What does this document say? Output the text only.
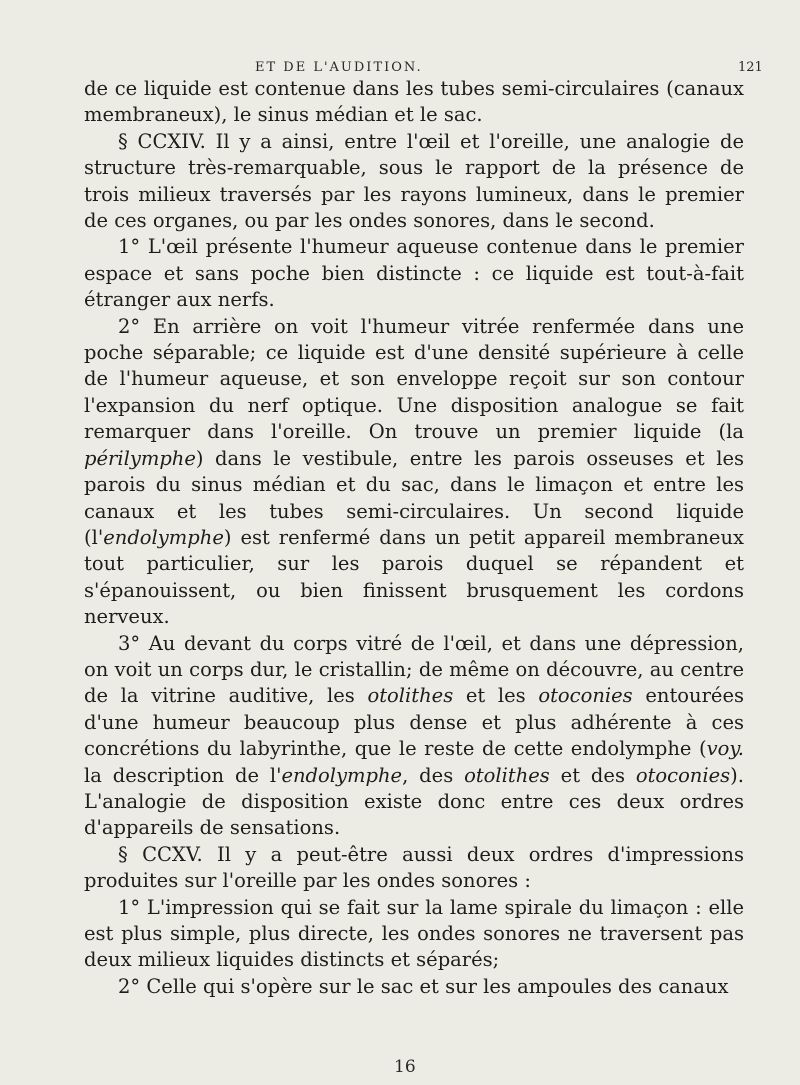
ET DE L'AUDITION.	121

de ce liquide est contenue dans les tubes semi-circulaires (canaux membraneux), le sinus médian et le sac.

§ CCXIV. Il y a ainsi, entre l'œil et l'oreille, une analogie de structure très-remarquable, sous le rapport de la présence de trois milieux traversés par les rayons lumineux, dans le premier de ces organes, ou par les ondes sonores, dans le second.

1° L'œil présente l'humeur aqueuse contenue dans le premier espace et sans poche bien distincte : ce liquide est tout-à-fait étranger aux nerfs.

2° En arrière on voit l'humeur vitrée renfermée dans une poche séparable; ce liquide est d'une densité supérieure à celle de l'humeur aqueuse, et son enveloppe reçoit sur son contour l'expansion du nerf optique. Une disposition analogue se fait remarquer dans l'oreille. On trouve un premier liquide (la périlymphe) dans le vestibule, entre les parois osseuses et les parois du sinus médian et du sac, dans le limaçon et entre les canaux et les tubes semi-circulaires. Un second liquide (l'endolymphe) est renfermé dans un petit appareil membraneux tout particulier, sur les parois duquel se répandent et s'épanouissent, ou bien finissent brusquement les cordons nerveux.

3° Au devant du corps vitré de l'œil, et dans une dépression, on voit un corps dur, le cristallin; de même on découvre, au centre de la vitrine auditive, les otolithes et les otoconies entourées d'une humeur beaucoup plus dense et plus adhérente à ces concrétions du labyrinthe, que le reste de cette endolymphe (voy. la description de l'endolymphe, des otolithes et des otoconies). L'analogie de disposition existe donc entre ces deux ordres d'appareils de sensations.

§ CCXV. Il y a peut-être aussi deux ordres d'impressions produites sur l'oreille par les ondes sonores :

1° L'impression qui se fait sur la lame spirale du limaçon : elle est plus simple, plus directe, les ondes sonores ne traversent pas deux milieux liquides distincts et séparés;

2° Celle qui s'opère sur le sac et sur les ampoules des canaux

16
